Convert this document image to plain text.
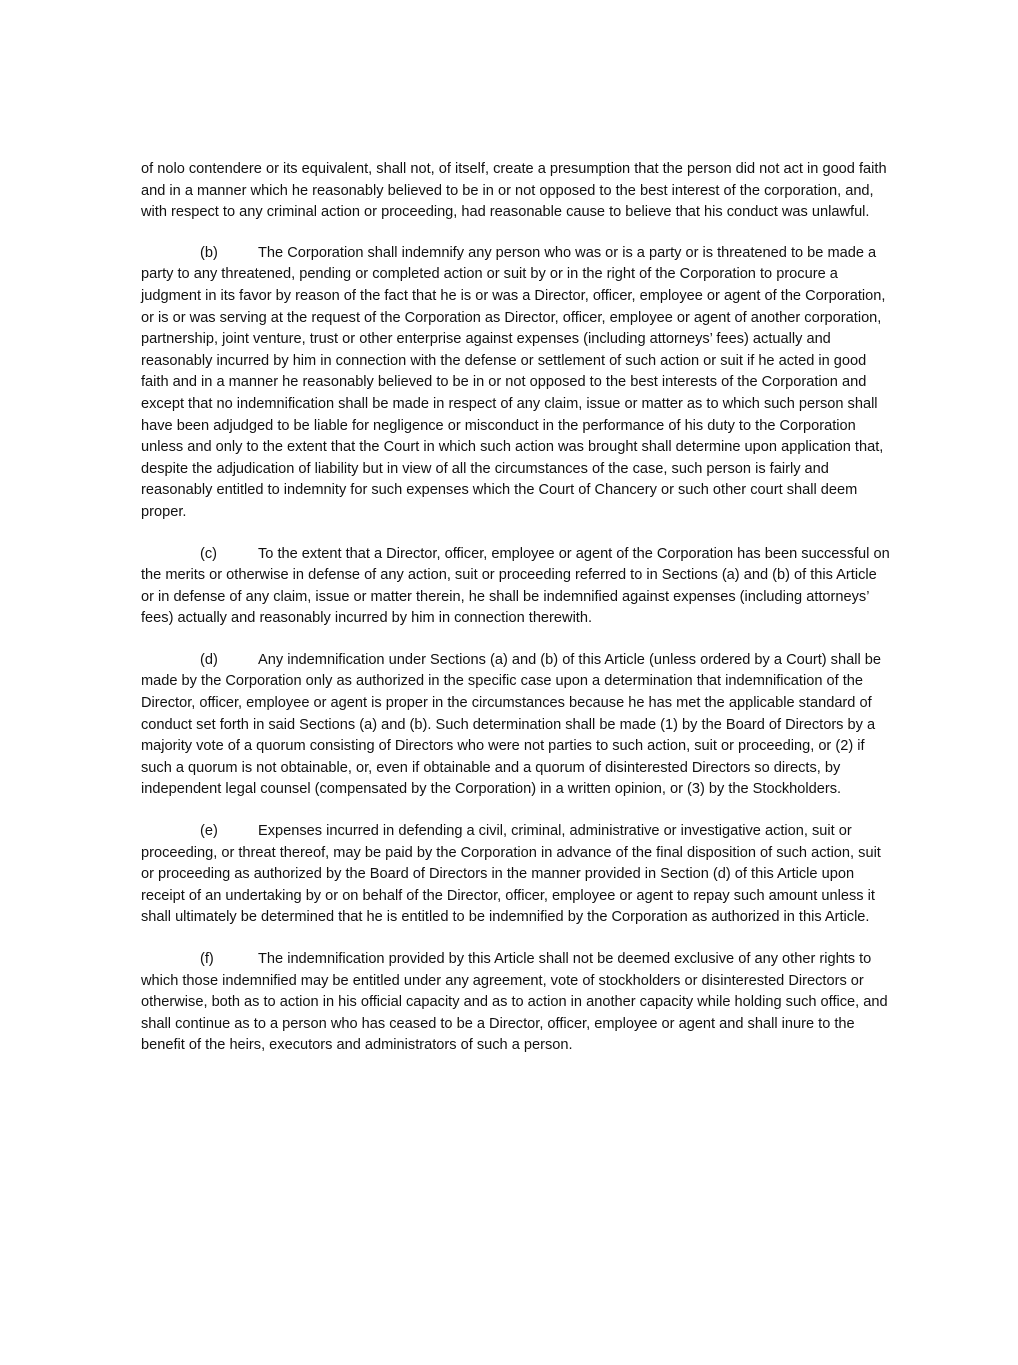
of nolo contendere or its equivalent, shall not, of itself, create a presumption that the person did not act in good faith and in a manner which he reasonably believed to be in or not opposed to the best interest of the corporation, and, with respect to any criminal action or proceeding, had reasonable cause to believe that his conduct was unlawful.

(b)	The Corporation shall indemnify any person who was or is a party or is threatened to be made a party to any threatened, pending or completed action or suit by or in the right of the Corporation to procure a judgment in its favor by reason of the fact that he is or was a Director, officer, employee or agent of the Corporation, or is or was serving at the request of the Corporation as Director, officer, employee or agent of another corporation, partnership, joint venture, trust or other enterprise against expenses (including attorneys’ fees) actually and reasonably incurred by him in connection with the defense or settlement of such action or suit if he acted in good faith and in a manner he reasonably believed to be in or not opposed to the best interests of the Corporation and except that no indemnification shall be made in respect of any claim, issue or matter as to which such person shall have been adjudged to be liable for negligence or misconduct in the performance of his duty to the Corporation unless and only to the extent that the Court in which such action was brought shall determine upon application that, despite the adjudication of liability but in view of all the circumstances of the case, such person is fairly and reasonably entitled to indemnity for such expenses which the Court of Chancery or such other court shall deem proper.

(c)	To the extent that a Director, officer, employee or agent of the Corporation has been successful on the merits or otherwise in defense of any action, suit or proceeding referred to in Sections (a) and (b) of this Article or in defense of any claim, issue or matter therein, he shall be indemnified against expenses (including attorneys’ fees) actually and reasonably incurred by him in connection therewith.

(d)	Any indemnification under Sections (a) and (b) of this Article (unless ordered by a Court) shall be made by the Corporation only as authorized in the specific case upon a determination that indemnification of the Director, officer, employee or agent is proper in the circumstances because he has met the applicable standard of conduct set forth in said Sections (a) and (b). Such determination shall be made (1) by the Board of Directors by a majority vote of a quorum consisting of Directors who were not parties to such action, suit or proceeding, or (2) if such a quorum is not obtainable, or, even if obtainable and a quorum of disinterested Directors so directs, by independent legal counsel (compensated by the Corporation) in a written opinion, or (3) by the Stockholders.

(e)	Expenses incurred in defending a civil, criminal, administrative or investigative action, suit or proceeding, or threat thereof, may be paid by the Corporation in advance of the final disposition of such action, suit or proceeding as authorized by the Board of Directors in the manner provided in Section (d) of this Article upon receipt of an undertaking by or on behalf of the Director, officer, employee or agent to repay such amount unless it shall ultimately be determined that he is entitled to be indemnified by the Corporation as authorized in this Article.

(f)	The indemnification provided by this Article shall not be deemed exclusive of any other rights to which those indemnified may be entitled under any agreement, vote of stockholders or disinterested Directors or otherwise, both as to action in his official capacity and as to action in another capacity while holding such office, and shall continue as to a person who has ceased to be a Director, officer, employee or agent and shall inure to the benefit of the heirs, executors and administrators of such a person.
